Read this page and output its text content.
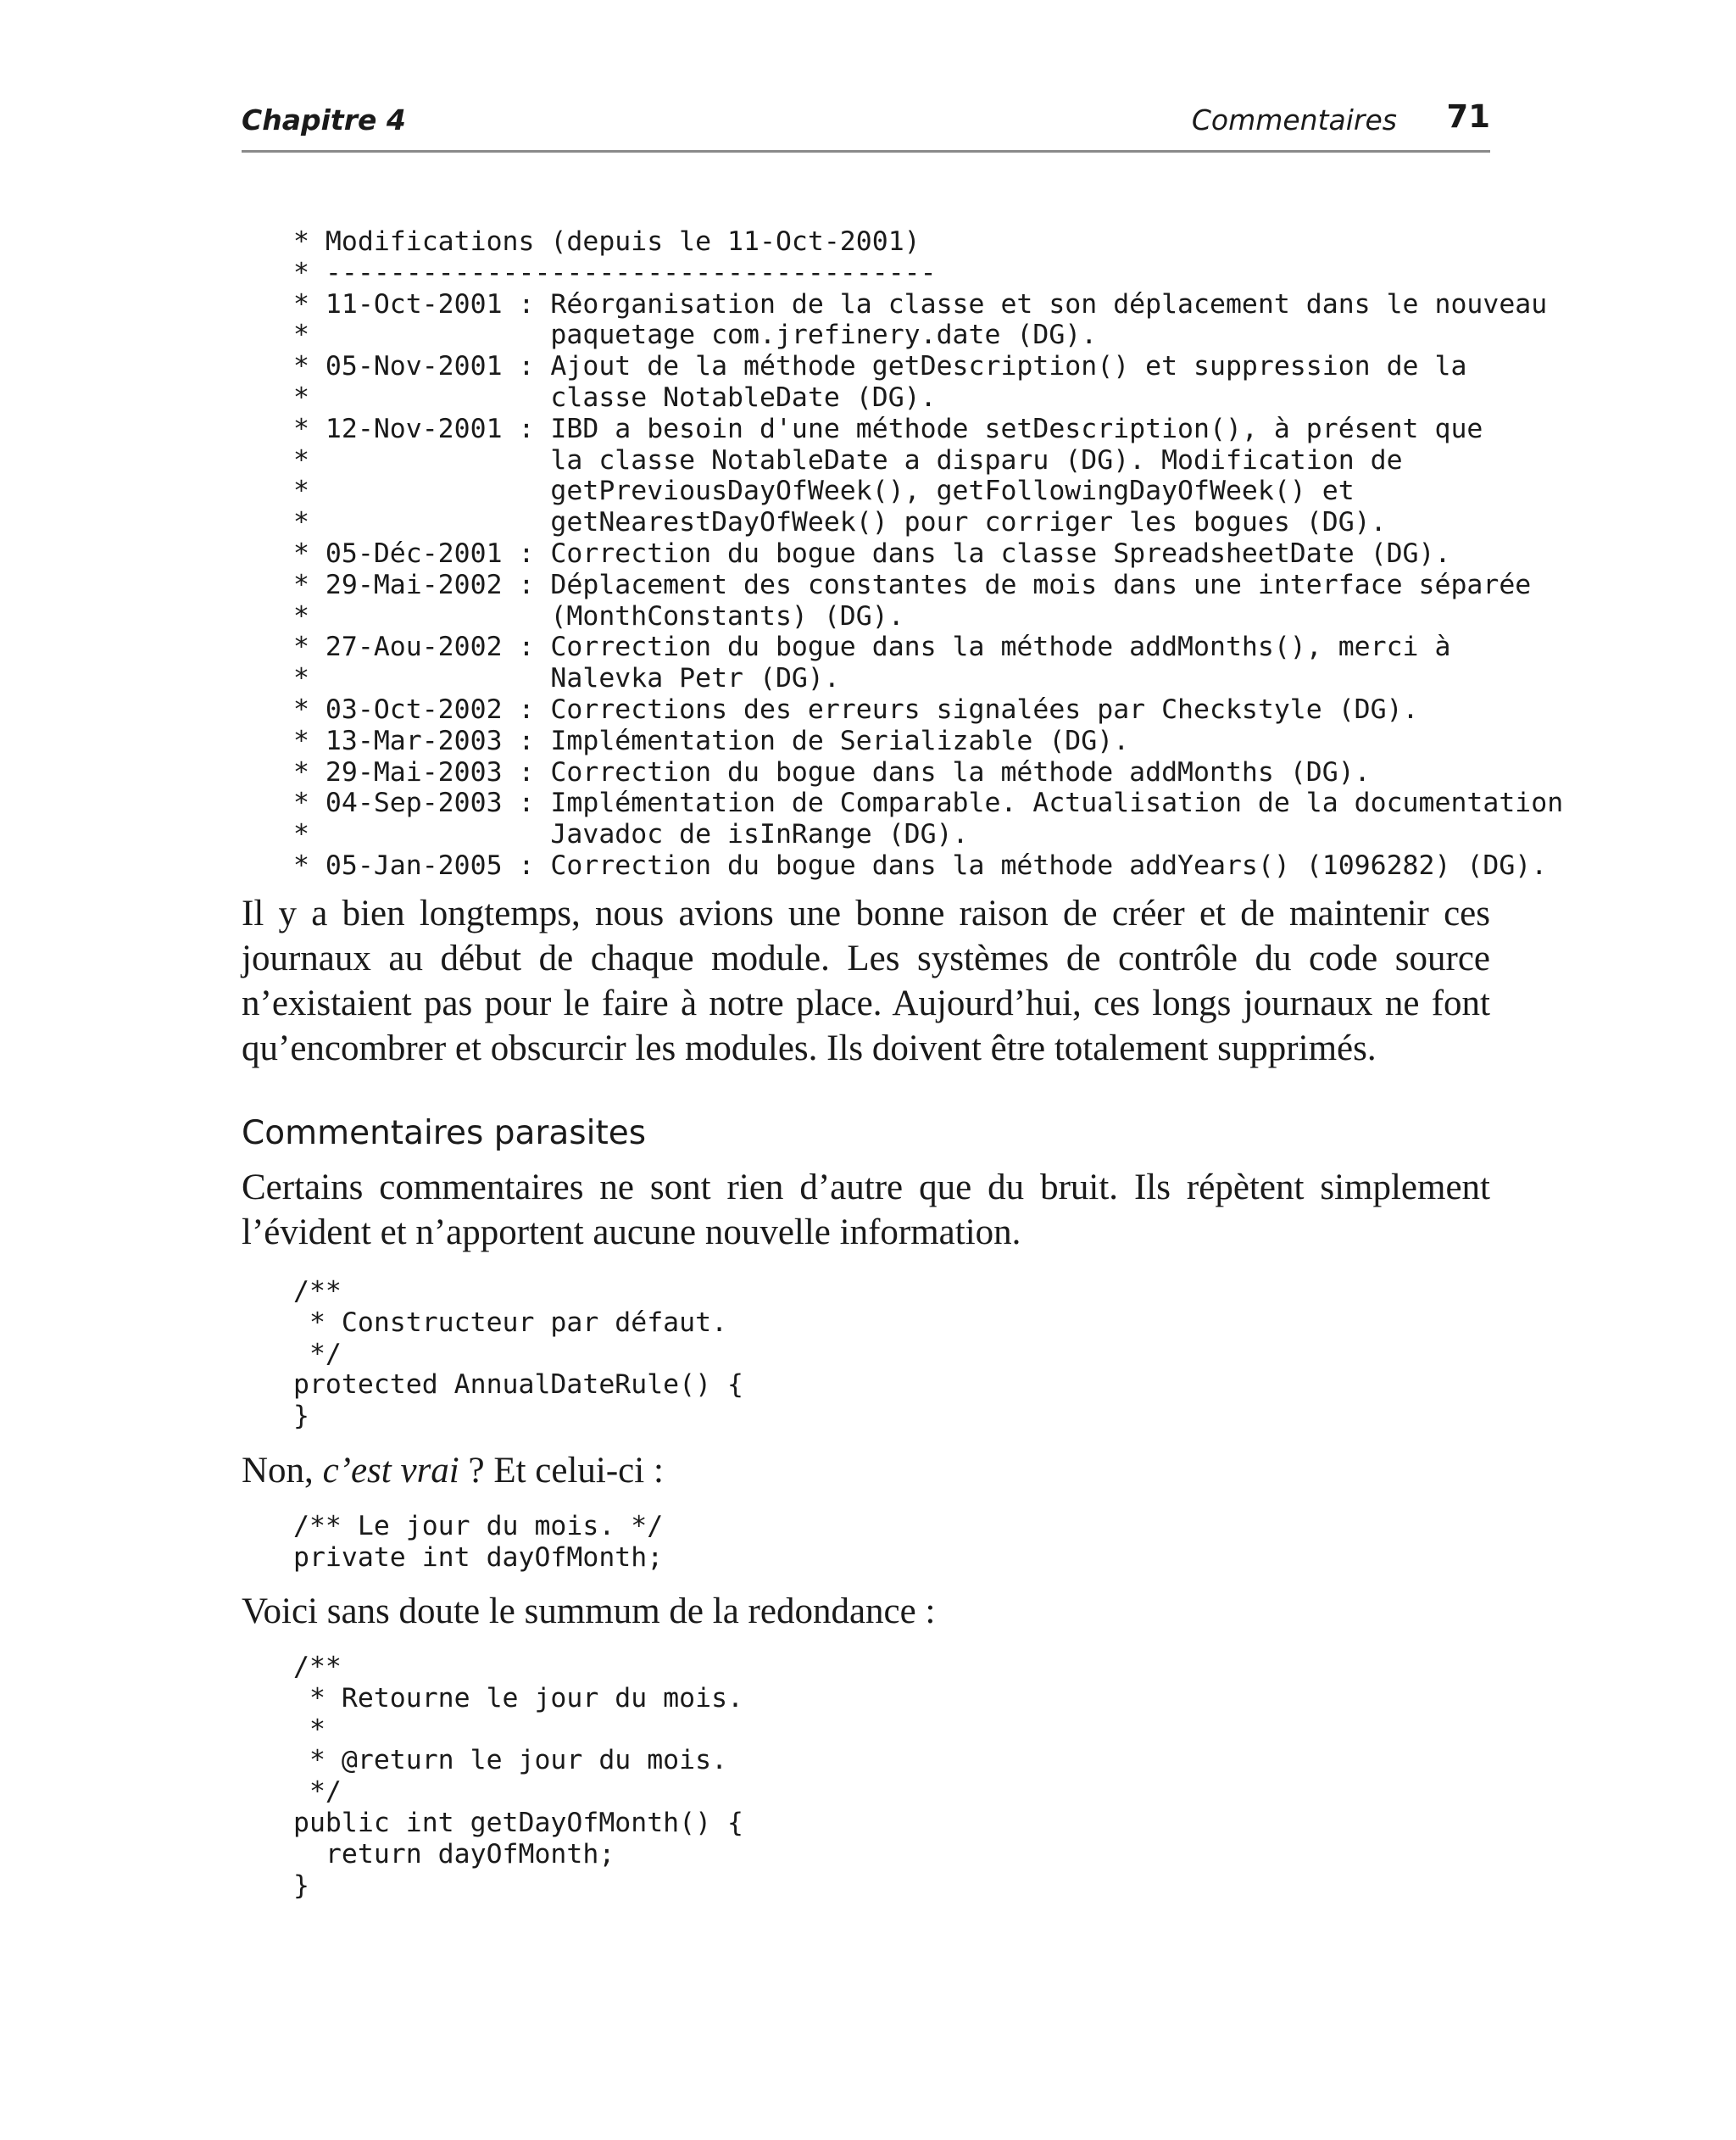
Chapitre 4	Commentaires 71
* Modifications (depuis le 11-Oct-2001)
* --------------------------------------
* 11-Oct-2001 : Réorganisation de la classe et son déplacement dans le nouveau
*               paquetage com.jrefinery.date (DG).
* 05-Nov-2001 : Ajout de la méthode getDescription() et suppression de la
*               classe NotableDate (DG).
* 12-Nov-2001 : IBD a besoin d'une méthode setDescription(), à présent que
*               la classe NotableDate a disparu (DG). Modification de
*               getPreviousDayOfWeek(), getFollowingDayOfWeek() et
*               getNearestDayOfWeek() pour corriger les bogues (DG).
* 05-Déc-2001 : Correction du bogue dans la classe SpreadsheetDate (DG).
* 29-Mai-2002 : Déplacement des constantes de mois dans une interface séparée
*               (MonthConstants) (DG).
* 27-Aou-2002 : Correction du bogue dans la méthode addMonths(), merci à
*               Nalevka Petr (DG).
* 03-Oct-2002 : Corrections des erreurs signalées par Checkstyle (DG).
* 13-Mar-2003 : Implémentation de Serializable (DG).
* 29-Mai-2003 : Correction du bogue dans la méthode addMonths (DG).
* 04-Sep-2003 : Implémentation de Comparable. Actualisation de la documentation
*               Javadoc de isInRange (DG).
* 05-Jan-2005 : Correction du bogue dans la méthode addYears() (1096282) (DG).

Il y a bien longtemps, nous avions une bonne raison de créer et de maintenir ces journaux au début de chaque module. Les systèmes de contrôle du code source n’existaient pas pour le faire à notre place. Aujourd’hui, ces longs journaux ne font qu’encombrer et obscurcir les modules. Ils doivent être totalement supprimés.

Commentaires parasites

Certains commentaires ne sont rien d’autre que du bruit. Ils répètent simplement l’évident et n’apportent aucune nouvelle information.

/**
* Constructeur par défaut.
*/
protected AnnualDateRule() {
}

Non, c’est vrai ? Et celui-ci :

/** Le jour du mois. */
private int dayOfMonth;

Voici sans doute le summum de la redondance :

/**
* Retourne le jour du mois.
*
* @return le jour du mois.
*/
public int getDayOfMonth() {
return dayOfMonth;
}
